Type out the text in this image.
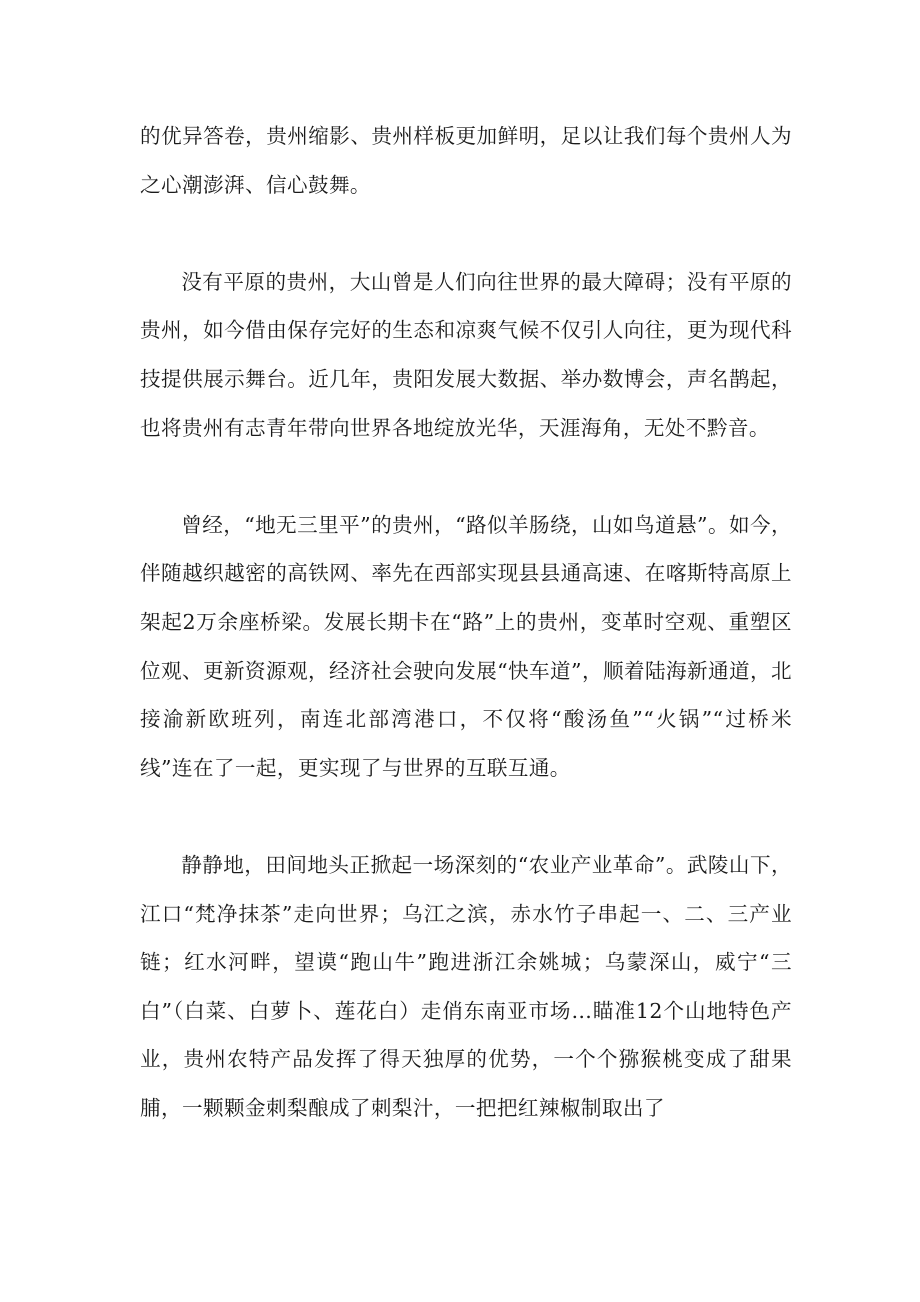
的优异答卷，贵州缩影、贵州样板更加鲜明，足以让我们每个贵州人为之心潮澎湃、信心鼓舞。

没有平原的贵州，大山曾是人们向往世界的最大障碍；没有平原的贵州，如今借由保存完好的生态和凉爽气候不仅引人向往，更为现代科技提供展示舞台。近几年，贵阳发展大数据、举办数博会，声名鹊起，也将贵州有志青年带向世界各地绽放光华，天涯海角，无处不黔音。

曾经，“地无三里平”的贵州，“路似羊肠绕，山如鸟道悬”。如今，伴随越织越密的高铁网、率先在西部实现县县通高速、在喀斯特高原上架起2万余座桥梁。发展长期卡在“路”上的贵州，变革时空观、重塑区位观、更新资源观，经济社会驶向发展“快车道”，顺着陆海新通道，北接渝新欧班列，南连北部湾港口，不仅将“酸汤鱼”“火锅”“过桥米线”连在了一起，更实现了与世界的互联互通。

静静地，田间地头正掀起一场深刻的“农业产业革命”。武陵山下，江口“梵净抹茶”走向世界；乌江之滨，赤水竹子串起一、二、三产业链；红水河畔，望谟“跑山牛”跑进浙江余姚城；乌蒙深山，威宁“三白”（白菜、白萝卜、莲花白）走俏东南亚市场…瞄准12个山地特色产业，贵州农特产品发挥了得天独厚的优势，一个个猕猴桃变成了甜果脯，一颗颗金刺梨酿成了刺梨汁，一把把红辣椒制取出了
